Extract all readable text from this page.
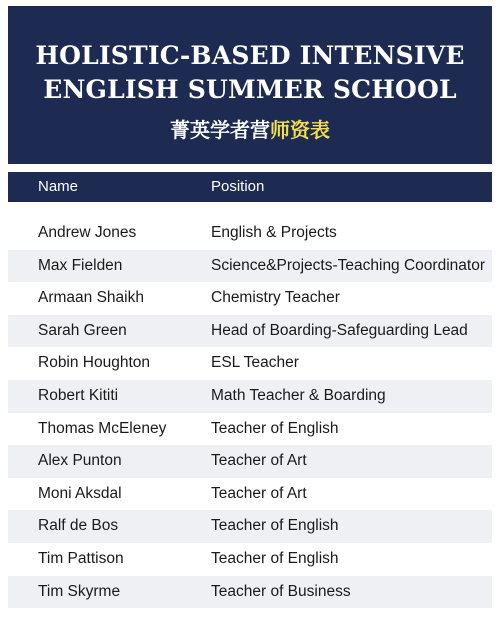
HOLISTIC-BASED INTENSIVE
ENGLISH SUMMER SCHOOL
菁英学者营师资表
Name	Position
Andrew Jones	English & Projects
Max Fielden	Science&Projects-Teaching Coordinator
Armaan Shaikh	Chemistry Teacher
Sarah Green	Head of Boarding-Safeguarding Lead
Robin Houghton	ESL Teacher
Robert Kititi	Math Teacher & Boarding
Thomas McEleney	Teacher of English
Alex Punton	Teacher of Art
Moni Aksdal	Teacher of Art
Ralf de Bos	Teacher of English
Tim Pattison	Teacher of English
Tim Skyrme	Teacher of Business
